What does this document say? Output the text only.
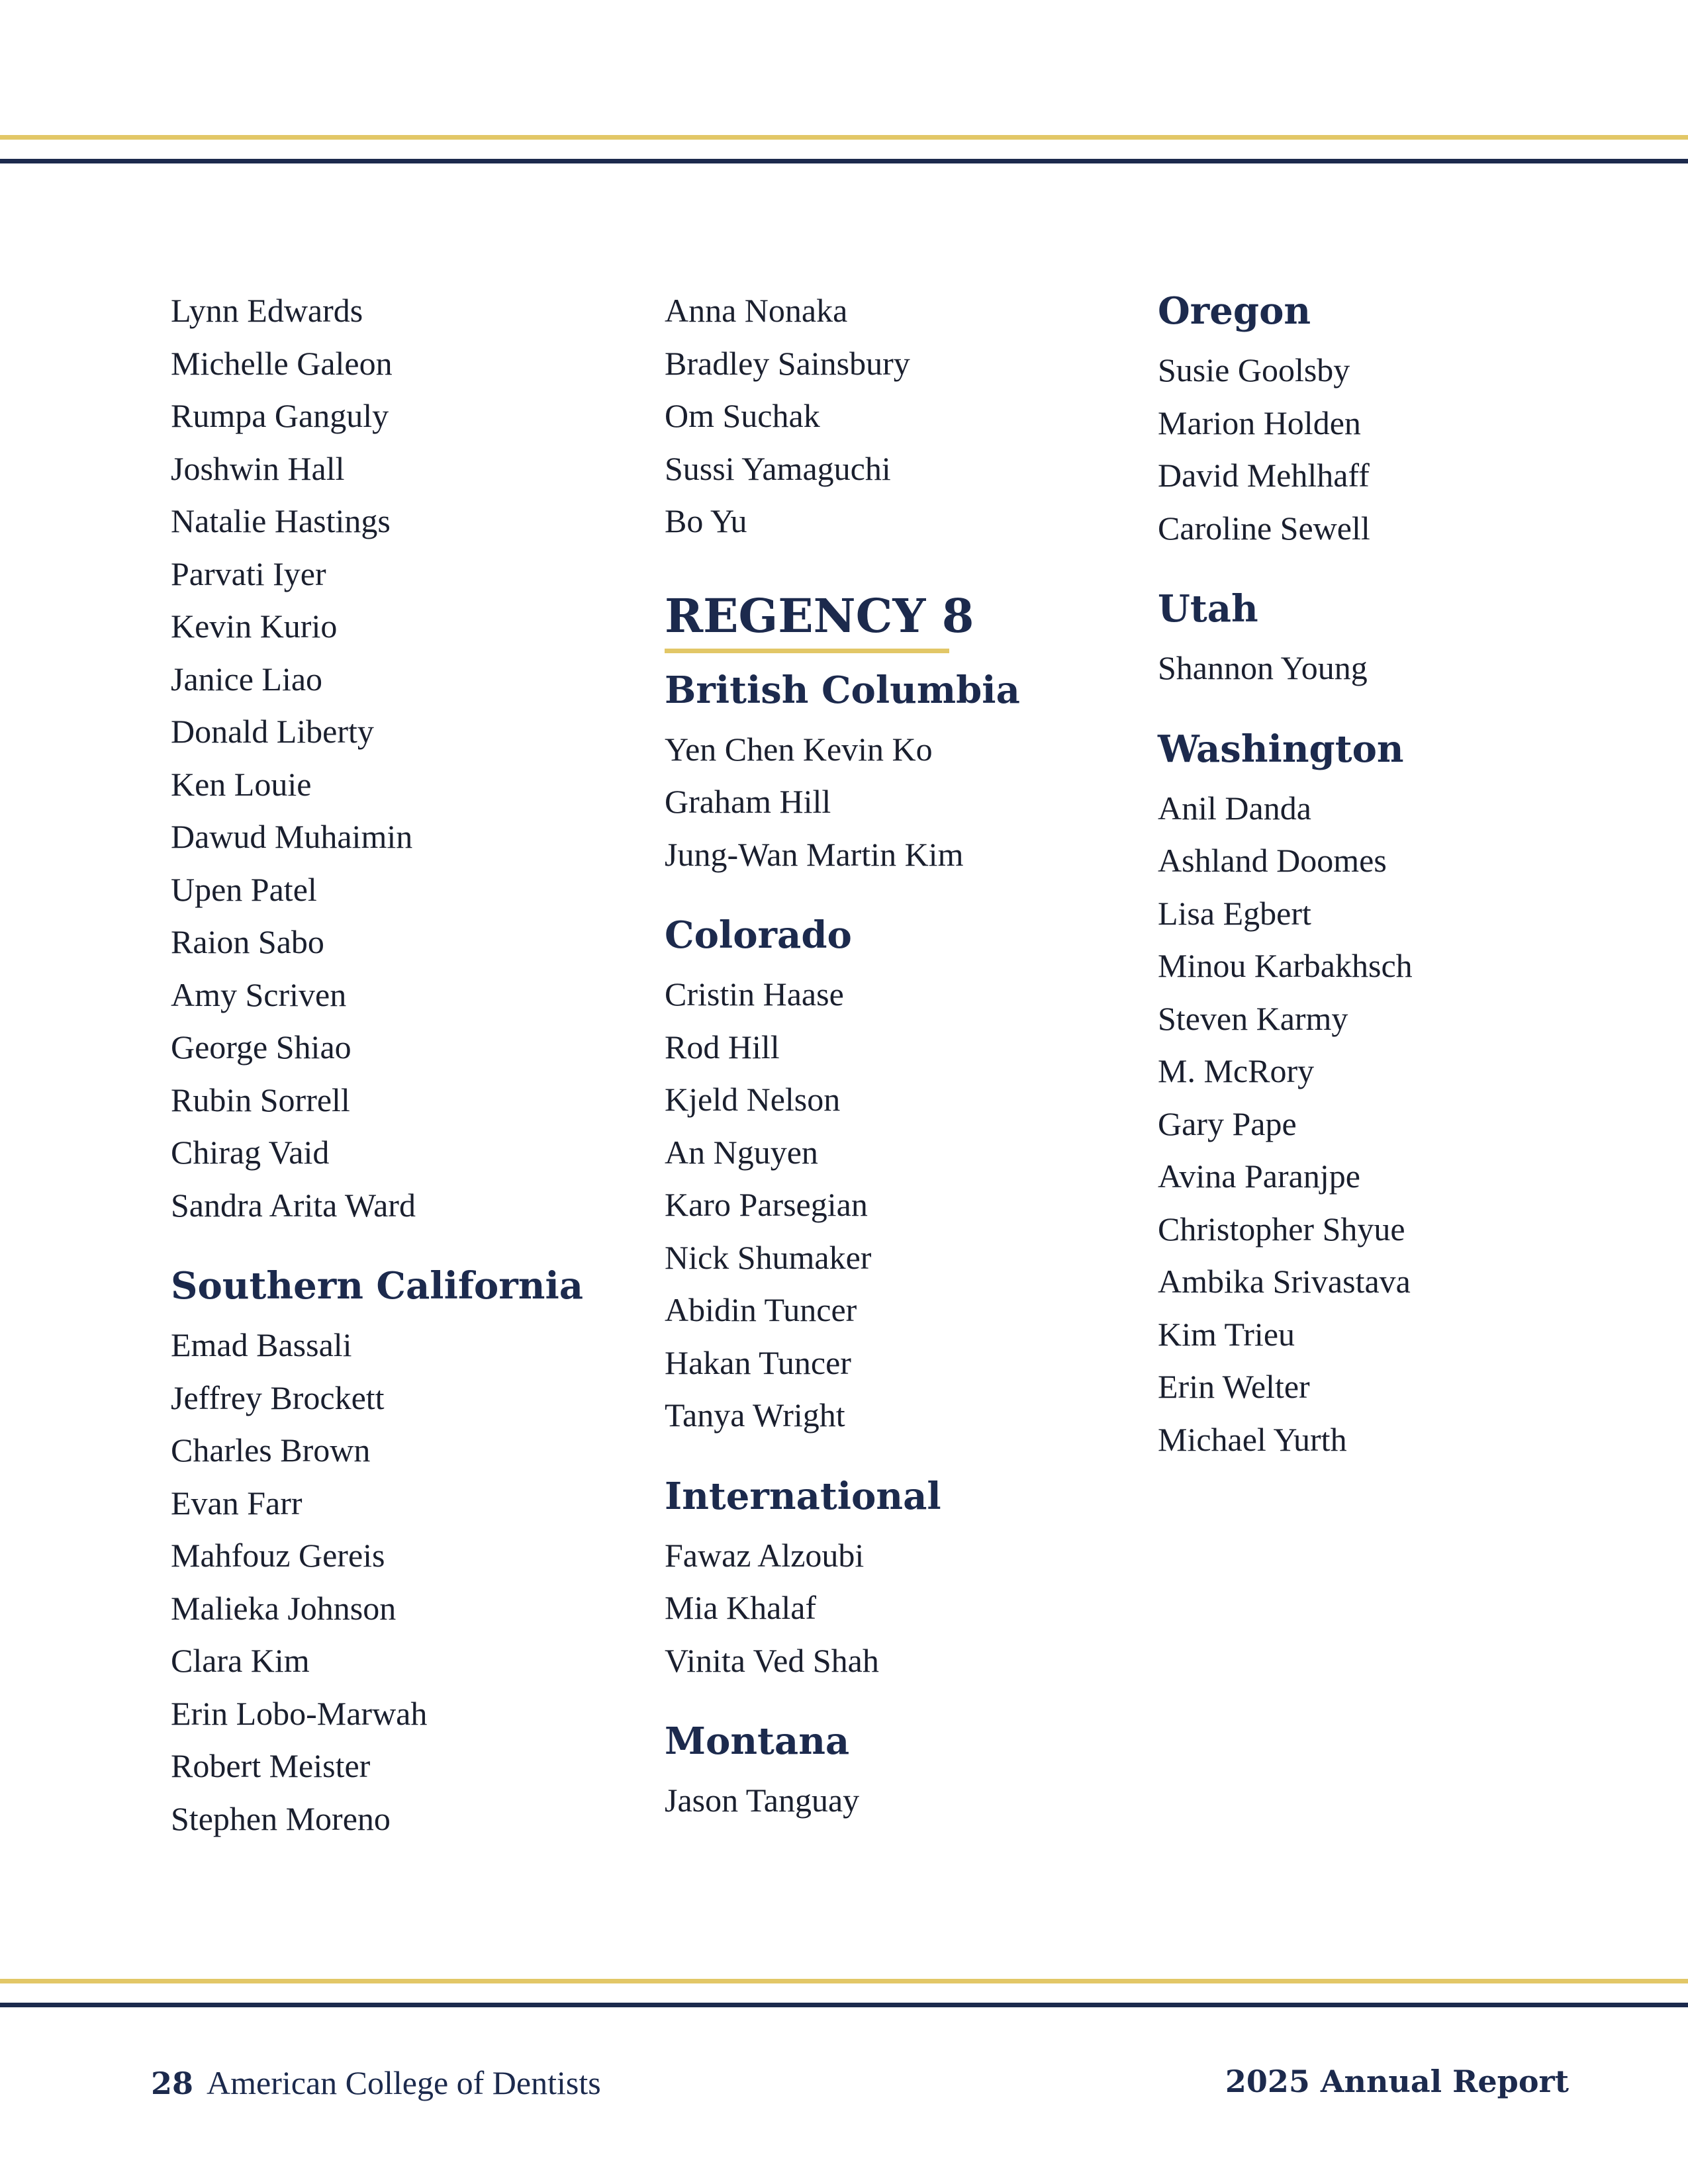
Lynn Edwards
Michelle Galeon
Rumpa Ganguly
Joshwin Hall
Natalie Hastings
Parvati Iyer
Kevin Kurio
Janice Liao
Donald Liberty
Ken Louie
Dawud Muhaimin
Upen Patel
Raion Sabo
Amy Scriven
George Shiao
Rubin Sorrell
Chirag Vaid
Sandra Arita Ward
Southern California
Emad Bassali
Jeffrey Brockett
Charles Brown
Evan Farr
Mahfouz Gereis
Malieka Johnson
Clara Kim
Erin Lobo-Marwah
Robert Meister
Stephen Moreno
Anna Nonaka
Bradley Sainsbury
Om Suchak
Sussi Yamaguchi
Bo Yu
REGENCY 8
British Columbia
Yen Chen Kevin Ko
Graham Hill
Jung-Wan Martin Kim
Colorado
Cristin Haase
Rod Hill
Kjeld Nelson
An Nguyen
Karo Parsegian
Nick Shumaker
Abidin Tuncer
Hakan Tuncer
Tanya Wright
International
Fawaz Alzoubi
Mia Khalaf
Vinita Ved Shah
Montana
Jason Tanguay
Oregon
Susie Goolsby
Marion Holden
David Mehlhaff
Caroline Sewell
Utah
Shannon Young
Washington
Anil Danda
Ashland Doomes
Lisa Egbert
Minou Karbakhsch
Steven Karmy
M. McRory
Gary Pape
Avina Paranjpe
Christopher Shyue
Ambika Srivastava
Kim Trieu
Erin Welter
Michael Yurth
28 American College of Dentists	2025 Annual Report
